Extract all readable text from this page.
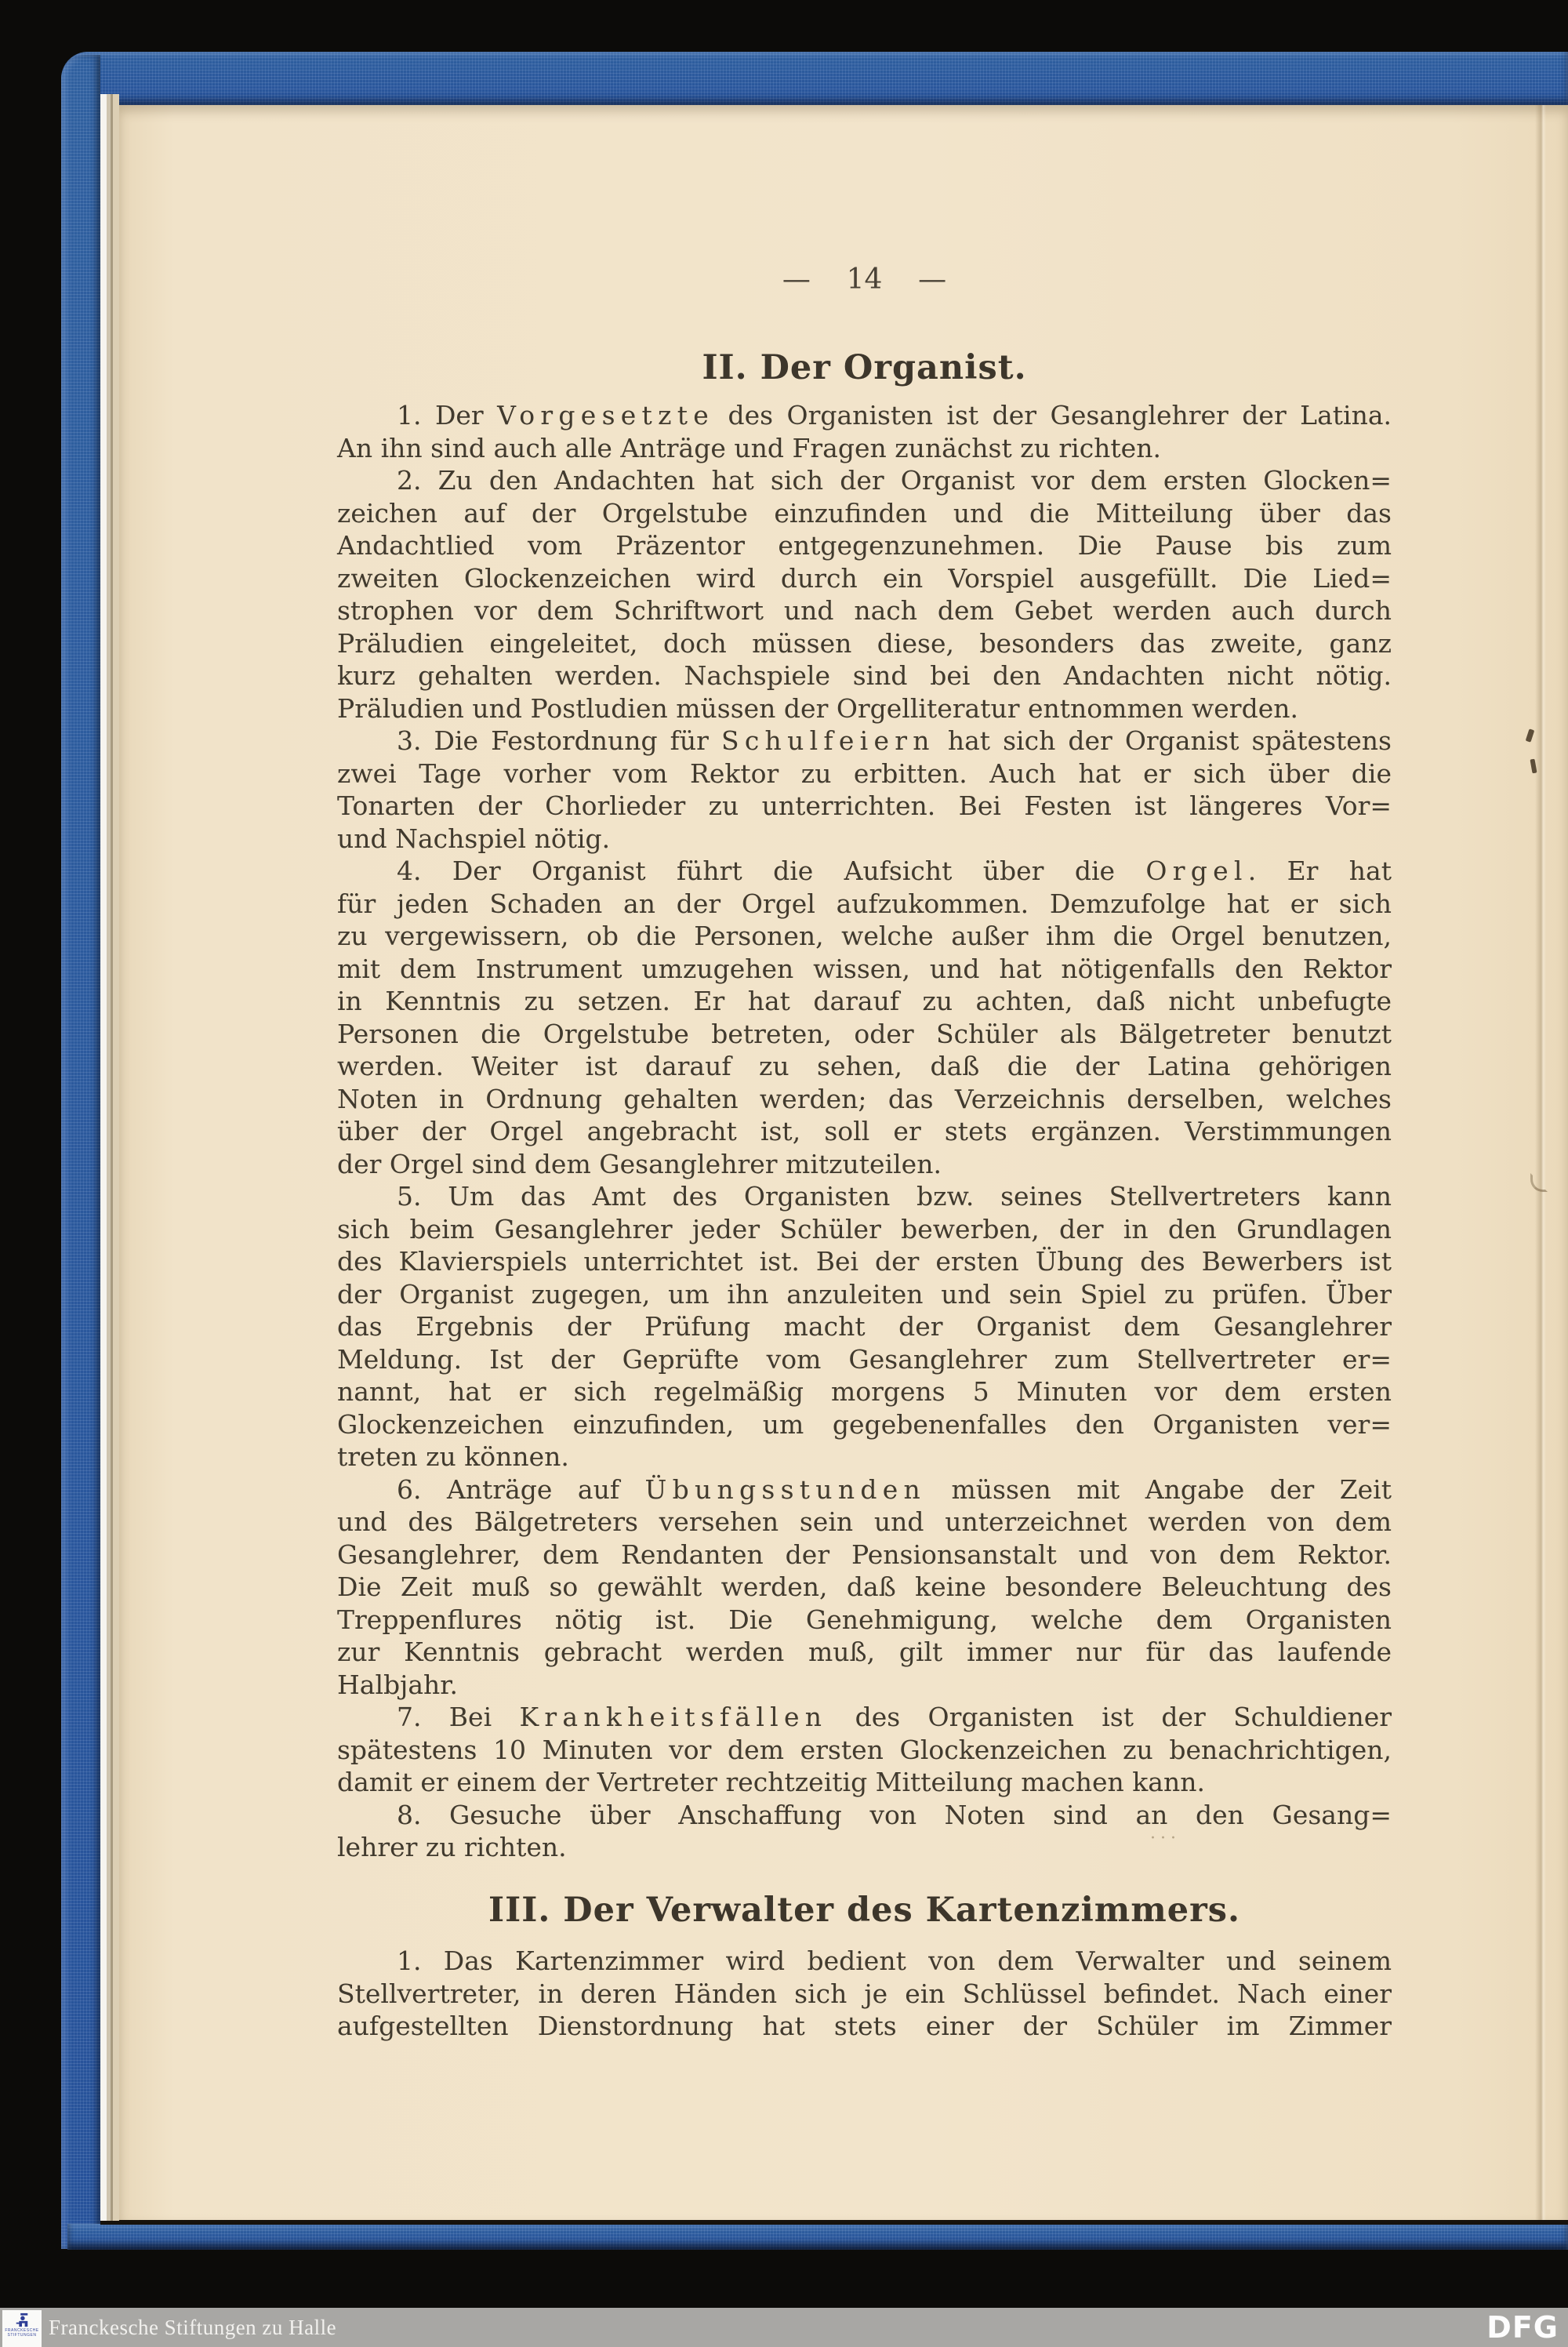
—    14    —
II. Der Organist.
1. Der Vorgesetzte des Organisten ist der Gesanglehrer der Latina.
An ihn sind auch alle Anträge und Fragen zunächst zu richten.
2. Zu den Andachten hat sich der Organist vor dem ersten Glocken=
zeichen auf der Orgelstube einzufinden und die Mitteilung über das
Andachtlied vom Präzentor entgegenzunehmen. Die Pause bis zum
zweiten Glockenzeichen wird durch ein Vorspiel ausgefüllt. Die Lied=
strophen vor dem Schriftwort und nach dem Gebet werden auch durch
Präludien eingeleitet, doch müssen diese, besonders das zweite, ganz
kurz gehalten werden. Nachspiele sind bei den Andachten nicht nötig.
Präludien und Postludien müssen der Orgelliteratur entnommen werden.
3. Die Festordnung für Schulfeiern hat sich der Organist spätestens
zwei Tage vorher vom Rektor zu erbitten. Auch hat er sich über die
Tonarten der Chorlieder zu unterrichten. Bei Festen ist längeres Vor=
und Nachspiel nötig.
4. Der Organist führt die Aufsicht über die Orgel. Er hat
für jeden Schaden an der Orgel aufzukommen. Demzufolge hat er sich
zu vergewissern, ob die Personen, welche außer ihm die Orgel benutzen,
mit dem Instrument umzugehen wissen, und hat nötigenfalls den Rektor
in Kenntnis zu setzen. Er hat darauf zu achten, daß nicht unbefugte
Personen die Orgelstube betreten, oder Schüler als Bälgetreter benutzt
werden. Weiter ist darauf zu sehen, daß die der Latina gehörigen
Noten in Ordnung gehalten werden; das Verzeichnis derselben, welches
über der Orgel angebracht ist, soll er stets ergänzen. Verstimmungen
der Orgel sind dem Gesanglehrer mitzuteilen.
5. Um das Amt des Organisten bzw. seines Stellvertreters kann
sich beim Gesanglehrer jeder Schüler bewerben, der in den Grundlagen
des Klavierspiels unterrichtet ist. Bei der ersten Übung des Bewerbers ist
der Organist zugegen, um ihn anzuleiten und sein Spiel zu prüfen. Über
das Ergebnis der Prüfung macht der Organist dem Gesanglehrer
Meldung. Ist der Geprüfte vom Gesanglehrer zum Stellvertreter er=
nannt, hat er sich regelmäßig morgens 5 Minuten vor dem ersten
Glockenzeichen einzufinden, um gegebenenfalles den Organisten ver=
treten zu können.
6. Anträge auf Übungsstunden müssen mit Angabe der Zeit
und des Bälgetreters versehen sein und unterzeichnet werden von dem
Gesanglehrer, dem Rendanten der Pensionsanstalt und von dem Rektor.
Die Zeit muß so gewählt werden, daß keine besondere Beleuchtung des
Treppenflures nötig ist. Die Genehmigung, welche dem Organisten
zur Kenntnis gebracht werden muß, gilt immer nur für das laufende
Halbjahr.
7. Bei Krankheitsfällen des Organisten ist der Schuldiener
spätestens 10 Minuten vor dem ersten Glockenzeichen zu benachrichtigen,
damit er einem der Vertreter rechtzeitig Mitteilung machen kann.
8. Gesuche über Anschaffung von Noten sind an den Gesang=
lehrer zu richten.
III. Der Verwalter des Kartenzimmers.
1. Das Kartenzimmer wird bedient von dem Verwalter und seinem
Stellvertreter, in deren Händen sich je ein Schlüssel befindet. Nach einer
aufgestellten Dienstordnung hat stets einer der Schüler im Zimmer
···
FRANCKESCHE
STIFTUNGEN Franckesche Stiftungen zu Halle	DFG
